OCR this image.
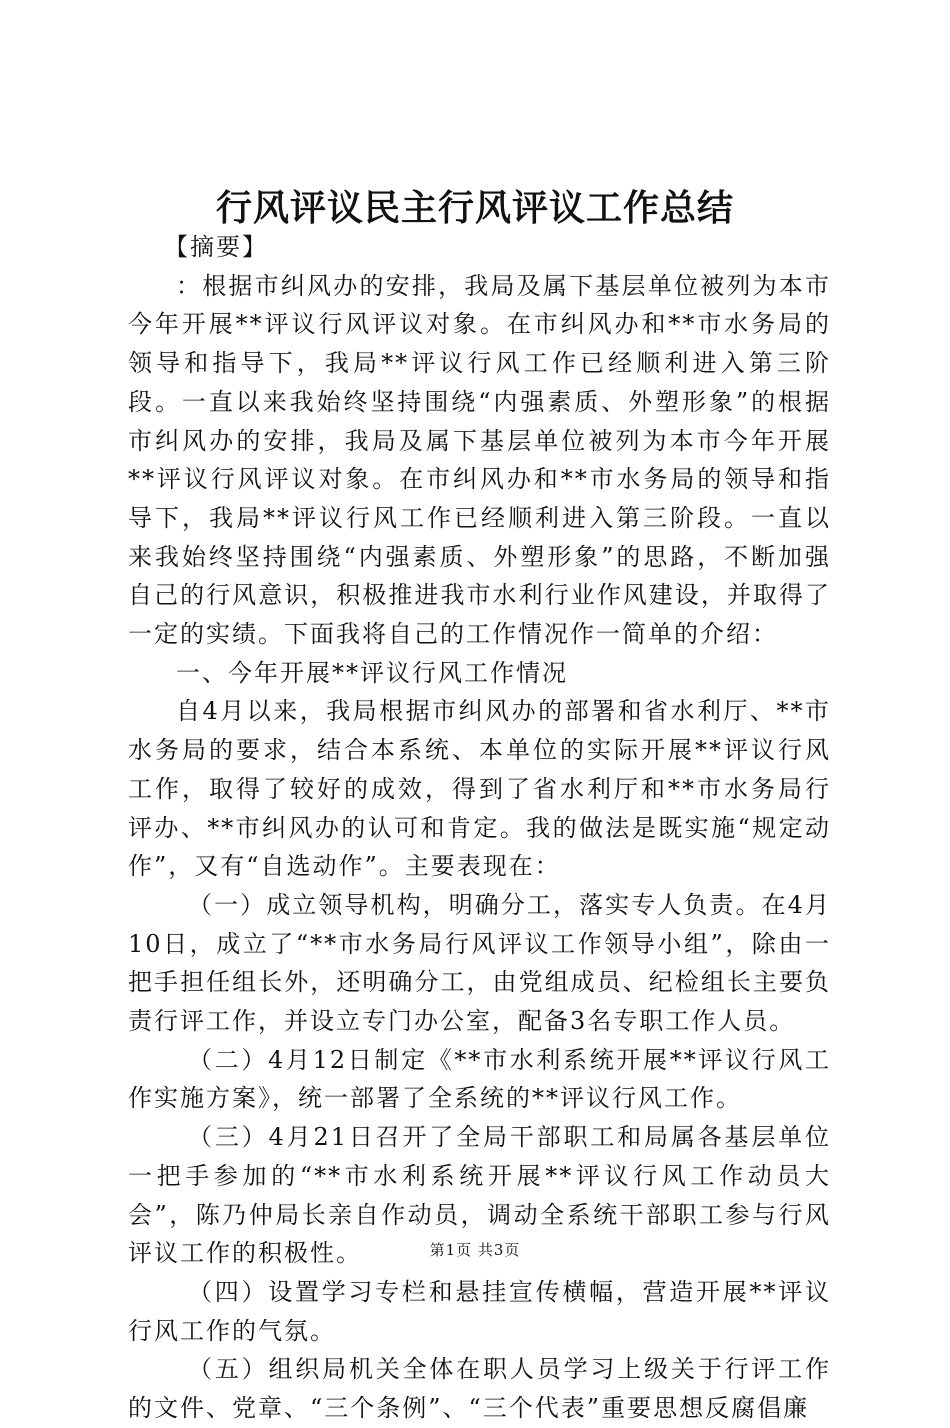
行风评议民主行风评议工作总结

【摘要】

：根据市纠风办的安排，我局及属下基层单位被列为本市今年开展**评议行风评议对象。在市纠风办和**市水务局的领导和指导下，我局**评议行风工作已经顺利进入第三阶段。一直以来我始终坚持围绕“内强素质、外塑形象”的根据市纠风办的安排，我局及属下基层单位被列为本市今年开展**评议行风评议对象。在市纠风办和**市水务局的领导和指导下，我局**评议行风工作已经顺利进入第三阶段。一直以来我始终坚持围绕“内强素质、外塑形象”的思路，不断加强自己的行风意识，积极推进我市水利行业作风建设，并取得了一定的实绩。下面我将自己的工作情况作一简单的介绍：

一、今年开展**评议行风工作情况

自4月以来，我局根据市纠风办的部署和省水利厅、**市水务局的要求，结合本系统、本单位的实际开展**评议行风工作，取得了较好的成效，得到了省水利厅和**市水务局行评办、**市纠风办的认可和肯定。我的做法是既实施“规定动作”，又有“自选动作”。主要表现在：

（一）成立领导机构，明确分工，落实专人负责。在4月10日，成立了“**市水务局行风评议工作领导小组”，除由一把手担任组长外，还明确分工，由党组成员、纪检组长主要负责行评工作，并设立专门办公室，配备3名专职工作人员。

（二）4月12日制定《**市水利系统开展**评议行风工作实施方案》，统一部署了全系统的**评议行风工作。

（三）4月21日召开了全局干部职工和局属各基层单位一把手参加的“**市水利系统开展**评议行风工作动员大会”，陈乃仲局长亲自作动员，调动全系统干部职工参与行风评议工作的积极性。

（四）设置学习专栏和悬挂宣传横幅，营造开展**评议行风工作的气氛。

（五）组织局机关全体在职人员学习上级关于行评工作的文件、党章、“三个条例”、“三个代表”重要思想反腐倡廉

第1页 共3页
